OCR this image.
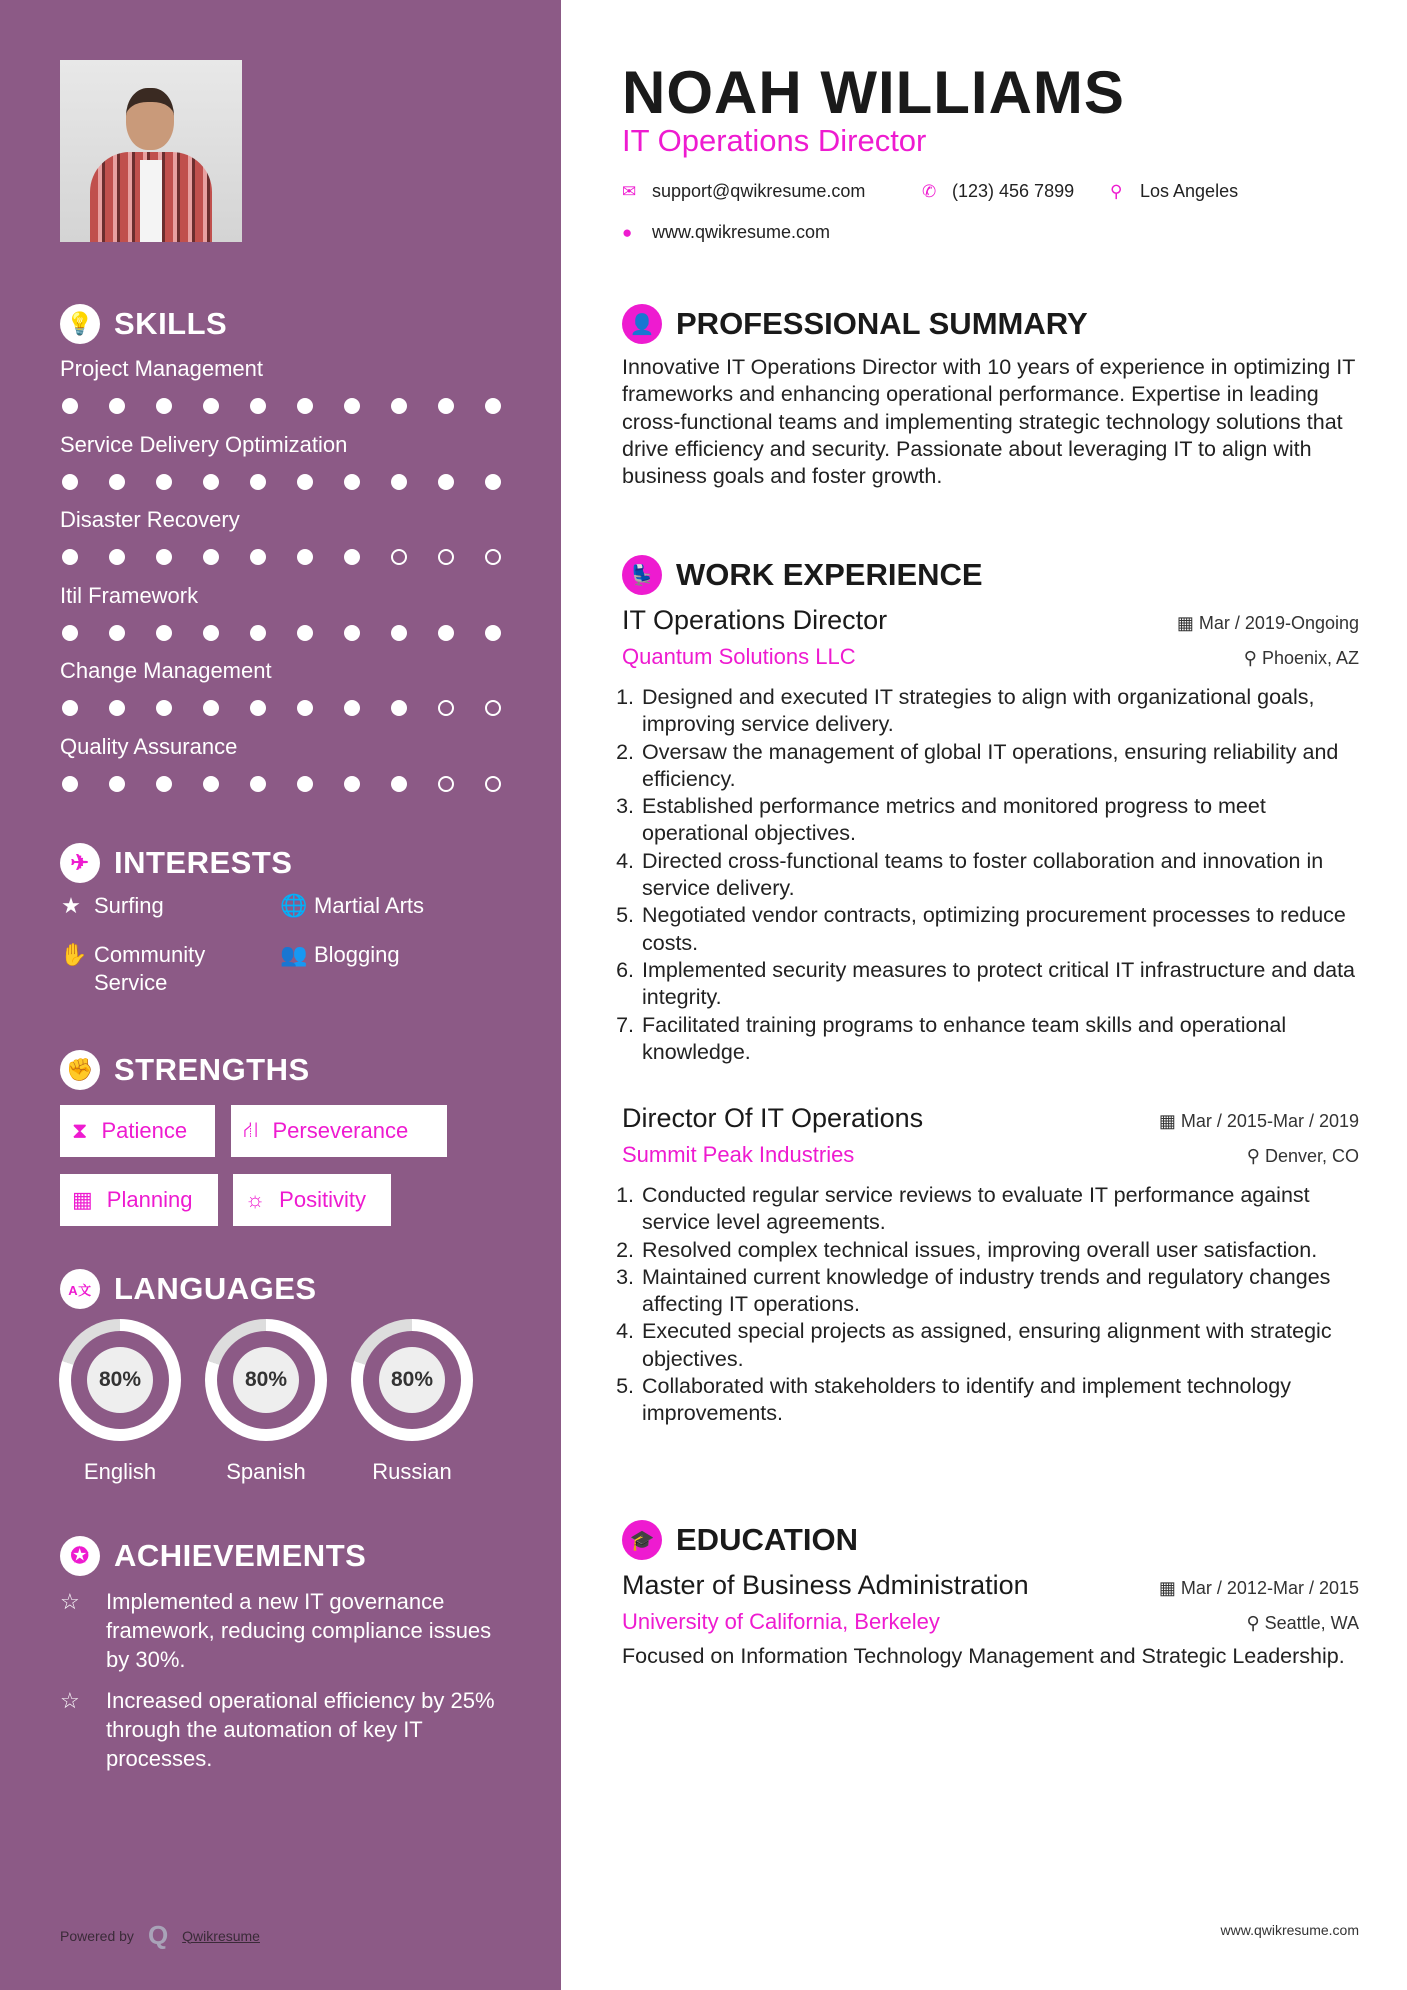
💡 SKILLS
Project Management
Service Delivery Optimization
Disaster Recovery
Itil Framework
Change Management
Quality Assurance
✈ INTERESTS
★ Surfing	🌐 Martial Arts
✋ Community Service
👥 Blogging
✊ STRENGTHS
⧗ Patience	⛙ Perseverance
▦ Planning ☼ Positivity
A文 LANGUAGES
80%
English
80%
Spanish
80%
Russian
✪ ACHIEVEMENTS
☆	Implemented a new IT governance framework, reducing compliance issues by 30%.
☆	Increased operational efficiency by 25% through the automation of key IT processes.
Powered by Q Qwikresume
NOAH WILLIAMS
IT Operations Director
✉ support@qwikresume.com	✆ (123) 456 7899 ⚲ Los Angeles
●	www.qwikresume.com
👤 PROFESSIONAL SUMMARY
Innovative IT Operations Director with 10 years of experience in optimizing IT frameworks and enhancing operational performance. Expertise in leading cross-functional teams and implementing strategic technology solutions that drive efficiency and security. Passionate about leveraging IT to align with business goals and foster growth.
💺 WORK EXPERIENCE
IT Operations Director	▦ Mar / 2019-Ongoing
Quantum Solutions LLC	⚲ Phoenix, AZ
1. Designed and executed IT strategies to align with organizational goals, improving service delivery.
2. Oversaw the management of global IT operations, ensuring reliability and efficiency.
3. Established performance metrics and monitored progress to meet operational objectives.
4. Directed cross-functional teams to foster collaboration and innovation in service delivery.
5. Negotiated vendor contracts, optimizing procurement processes to reduce costs.
6. Implemented security measures to protect critical IT infrastructure and data integrity.
7. Facilitated training programs to enhance team skills and operational knowledge.
Director Of IT Operations	▦ Mar / 2015-Mar / 2019
Summit Peak Industries	⚲ Denver, CO
1. Conducted regular service reviews to evaluate IT performance against service level agreements.
2. Resolved complex technical issues, improving overall user satisfaction.
3. Maintained current knowledge of industry trends and regulatory changes affecting IT operations.
4. Executed special projects as assigned, ensuring alignment with strategic objectives.
5. Collaborated with stakeholders to identify and implement technology improvements.
🎓 EDUCATION
Master of Business Administration	▦ Mar / 2012-Mar / 2015
University of California, Berkeley	⚲ Seattle, WA
Focused on Information Technology Management and Strategic Leadership.
www.qwikresume.com
